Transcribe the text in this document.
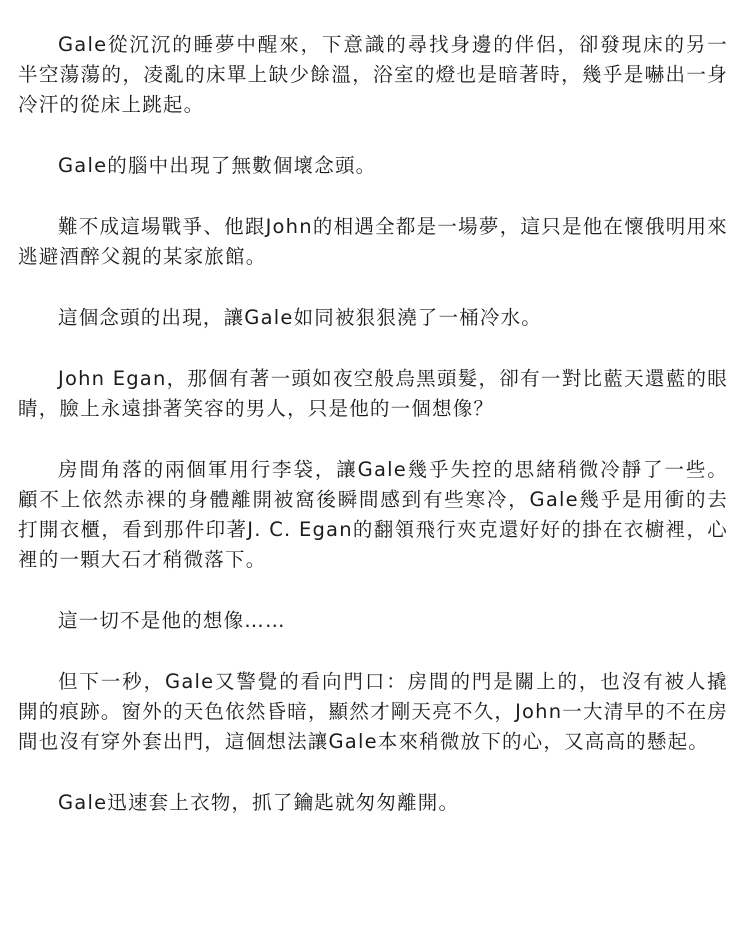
Gale從沉沉的睡夢中醒來，下意識的尋找身邊的伴侶，卻發現床的另一半空蕩蕩的，凌亂的床單上缺少餘溫，浴室的燈也是暗著時，幾乎是嚇出一身冷汗的從床上跳起。

Gale的腦中出現了無數個壞念頭。

難不成這場戰爭、他跟John的相遇全都是一場夢，這只是他在懷俄明用來逃避酒醉父親的某家旅館。

這個念頭的出現，讓Gale如同被狠狠澆了一桶冷水。

John Egan，那個有著一頭如夜空般烏黑頭髮，卻有一對比藍天還藍的眼睛，臉上永遠掛著笑容的男人，只是他的一個想像？

房間角落的兩個軍用行李袋，讓Gale幾乎失控的思緒稍微冷靜了一些。顧不上依然赤裸的身體離開被窩後瞬間感到有些寒冷，Gale幾乎是用衝的去打開衣櫃，看到那件印著J. C. Egan的翻領飛行夾克還好好的掛在衣櫥裡，心裡的一顆大石才稍微落下。

這一切不是他的想像……

但下一秒，Gale又警覺的看向門口：房間的門是關上的，也沒有被人撬開的痕跡。窗外的天色依然昏暗，顯然才剛天亮不久，John一大清早的不在房間也沒有穿外套出門，這個想法讓Gale本來稍微放下的心，又高高的懸起。

Gale迅速套上衣物，抓了鑰匙就匆匆離開。
